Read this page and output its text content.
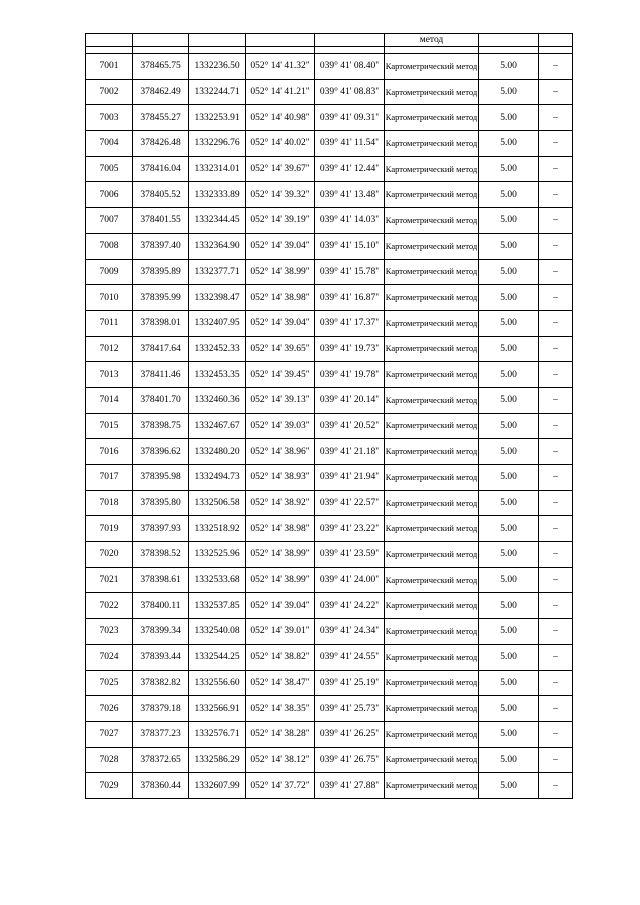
					метод		

7001	378465.75	1332236.50	052° 14' 41.32"	039° 41' 08.40"	Картометрический метод	5.00	–
7002	378462.49	1332244.71	052° 14' 41.21"	039° 41' 08.83"	Картометрический метод	5.00	–
7003	378455.27	1332253.91	052° 14' 40.98"	039° 41' 09.31"	Картометрический метод	5.00	–
7004	378426.48	1332296.76	052° 14' 40.02"	039° 41' 11.54"	Картометрический метод	5.00	–
7005	378416.04	1332314.01	052° 14' 39.67"	039° 41' 12.44"	Картометрический метод	5.00	–
7006	378405.52	1332333.89	052° 14' 39.32"	039° 41' 13.48"	Картометрический метод	5.00	–
7007	378401.55	1332344.45	052° 14' 39.19"	039° 41' 14.03"	Картометрический метод	5.00	–
7008	378397.40	1332364.90	052° 14' 39.04"	039° 41' 15.10"	Картометрический метод	5.00	–
7009	378395.89	1332377.71	052° 14' 38.99"	039° 41' 15.78"	Картометрический метод	5.00	–
7010	378395.99	1332398.47	052° 14' 38.98"	039° 41' 16.87"	Картометрический метод	5.00	–
7011	378398.01	1332407.95	052° 14' 39.04"	039° 41' 17.37"	Картометрический метод	5.00	–
7012	378417.64	1332452.33	052° 14' 39.65"	039° 41' 19.73"	Картометрический метод	5.00	–
7013	378411.46	1332453.35	052° 14' 39.45"	039° 41' 19.78"	Картометрический метод	5.00	–
7014	378401.70	1332460.36	052° 14' 39.13"	039° 41' 20.14"	Картометрический метод	5.00	–
7015	378398.75	1332467.67	052° 14' 39.03"	039° 41' 20.52"	Картометрический метод	5.00	–
7016	378396.62	1332480.20	052° 14' 38.96"	039° 41' 21.18"	Картометрический метод	5.00	–
7017	378395.98	1332494.73	052° 14' 38.93"	039° 41' 21.94"	Картометрический метод	5.00	–
7018	378395.80	1332506.58	052° 14' 38.92"	039° 41' 22.57"	Картометрический метод	5.00	–
7019	378397.93	1332518.92	052° 14' 38.98"	039° 41' 23.22"	Картометрический метод	5.00	–
7020	378398.52	1332525.96	052° 14' 38.99"	039° 41' 23.59"	Картометрический метод	5.00	–
7021	378398.61	1332533.68	052° 14' 38.99"	039° 41' 24.00"	Картометрический метод	5.00	–
7022	378400.11	1332537.85	052° 14' 39.04"	039° 41' 24.22"	Картометрический метод	5.00	–
7023	378399.34	1332540.08	052° 14' 39.01"	039° 41' 24.34"	Картометрический метод	5.00	–
7024	378393.44	1332544.25	052° 14' 38.82"	039° 41' 24.55"	Картометрический метод	5.00	–
7025	378382.82	1332556.60	052° 14' 38.47"	039° 41' 25.19"	Картометрический метод	5.00	–
7026	378379.18	1332566.91	052° 14' 38.35"	039° 41' 25.73"	Картометрический метод	5.00	–
7027	378377.23	1332576.71	052° 14' 38.28"	039° 41' 26.25"	Картометрический метод	5.00	–
7028	378372.65	1332586.29	052° 14' 38.12"	039° 41' 26.75"	Картометрический метод	5.00	–
7029	378360.44	1332607.99	052° 14' 37.72"	039° 41' 27.88"	Картометрический метод	5.00	–
